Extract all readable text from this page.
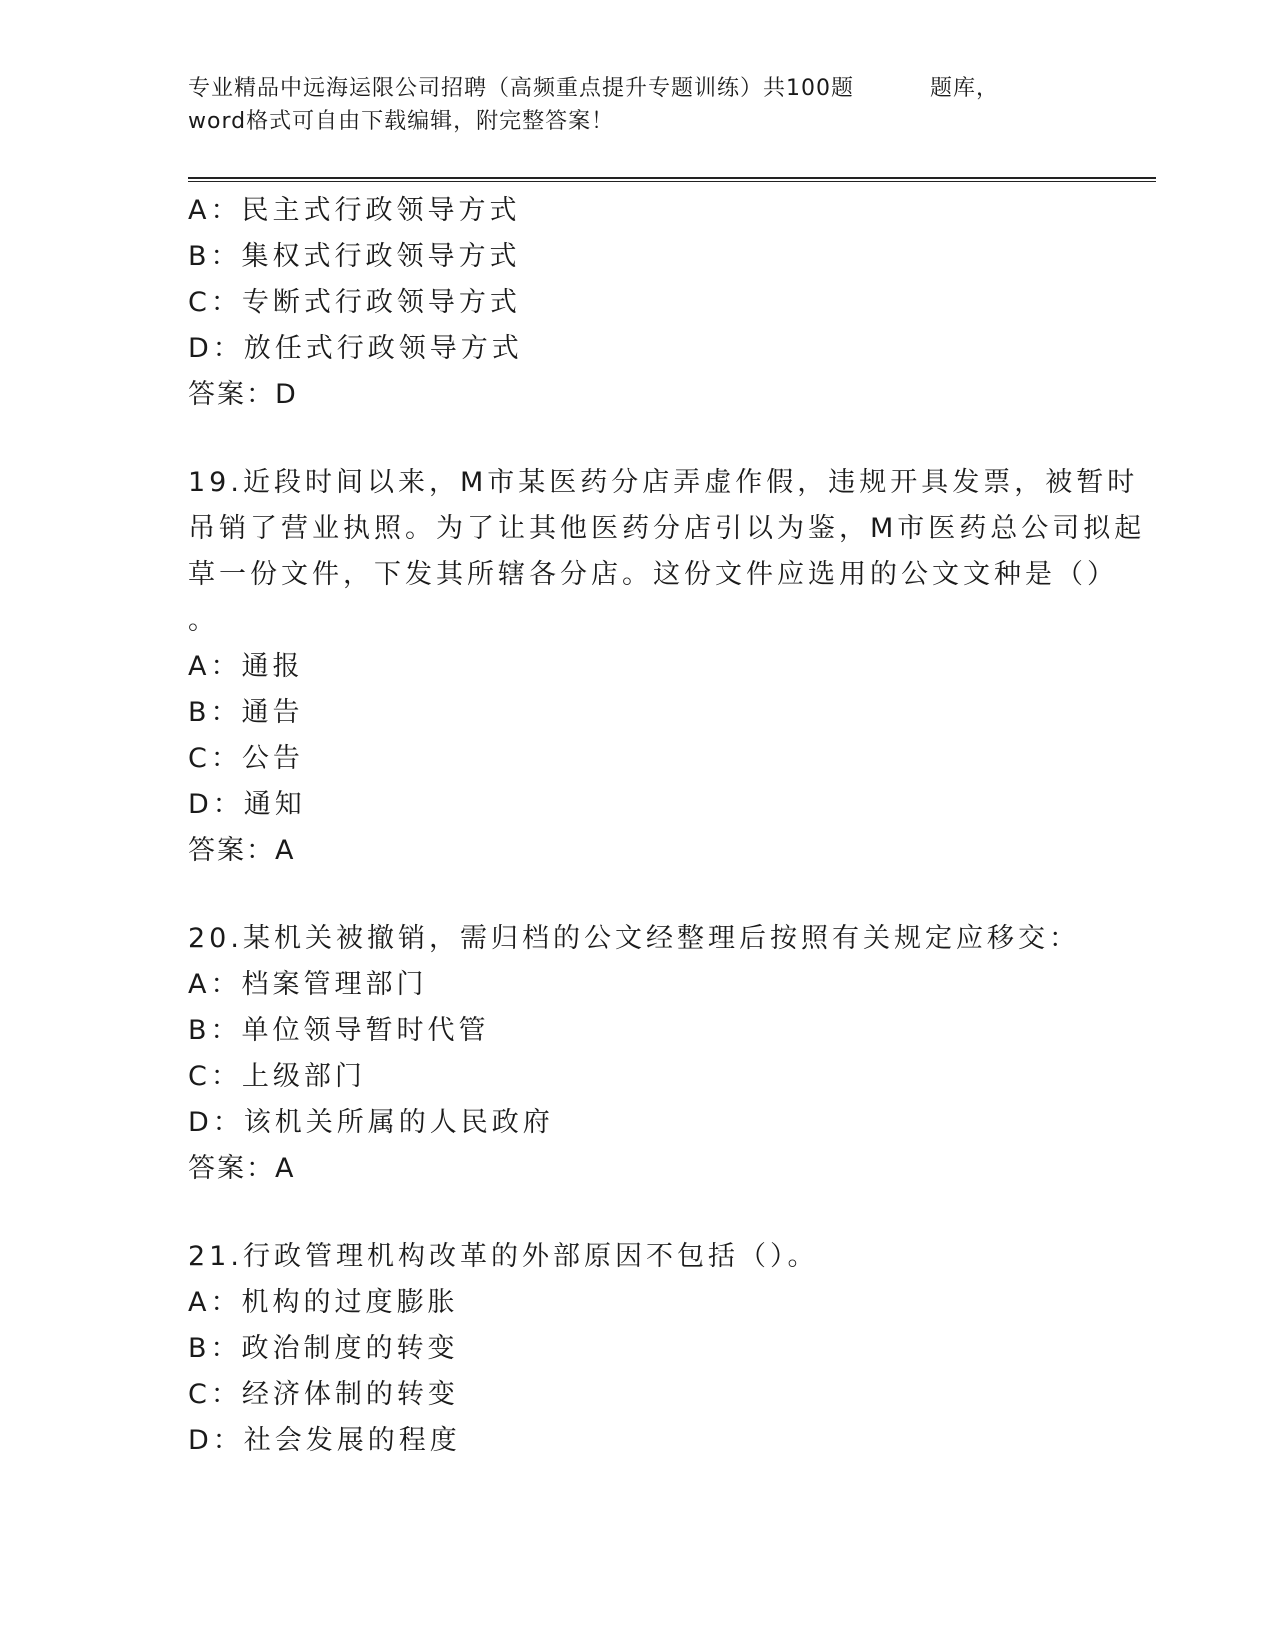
专业精品中远海运限公司招聘（高频重点提升专题训练）共100题	题库，
word格式可自由下载编辑，附完整答案！
A：民主式行政领导方式
B：集权式行政领导方式
C：专断式行政领导方式
D：放任式行政领导方式
答案：D
19.近段时间以来，M市某医药分店弄虚作假，违规开具发票，被暂时
吊销了营业执照。为了让其他医药分店引以为鉴，M市医药总公司拟起
草一份文件，下发其所辖各分店。这份文件应选用的公文文种是（）
。
A：通报
B：通告
C：公告
D：通知
答案：A
20.某机关被撤销，需归档的公文经整理后按照有关规定应移交：
A：档案管理部门
B：单位领导暂时代管
C：上级部门
D：该机关所属的人民政府
答案：A
21.行政管理机构改革的外部原因不包括（）。
A：机构的过度膨胀
B：政治制度的转变
C：经济体制的转变
D：社会发展的程度
